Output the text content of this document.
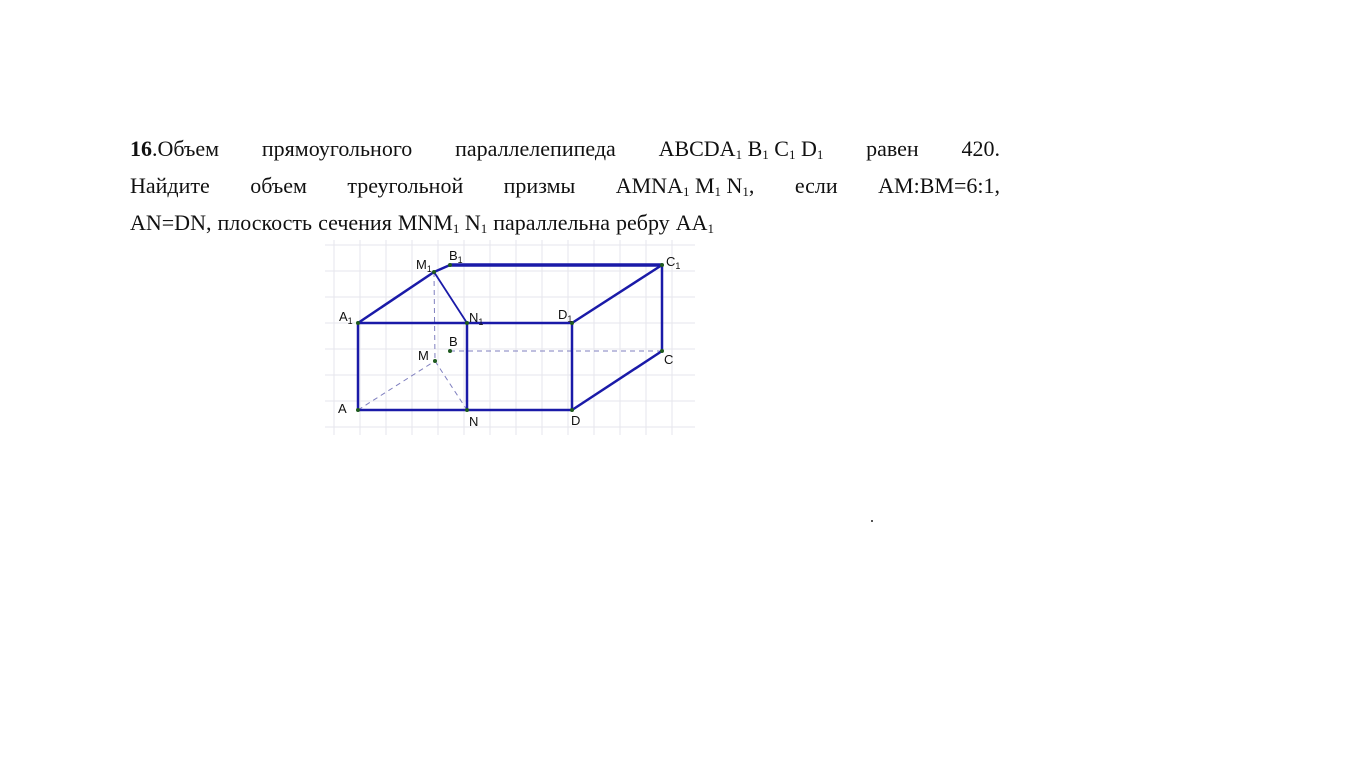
16.Объем прямоугольного параллелепипеда $ABCDA_1$ $B_1$ $C_1$ $D_1$ равен 420.
Найдите объем треугольной призмы $AMNA_1$ $M_1$ $N_1$, если AM:BM=6:1,
AN=DN, плоскость сечения $MNM_1$ $N_1$ параллельна ребру $AA_1$
A
$A_1$
B
$B_1$
C
$C_1$
D
$D_1$
M
$M_1$
N
$N_1$
